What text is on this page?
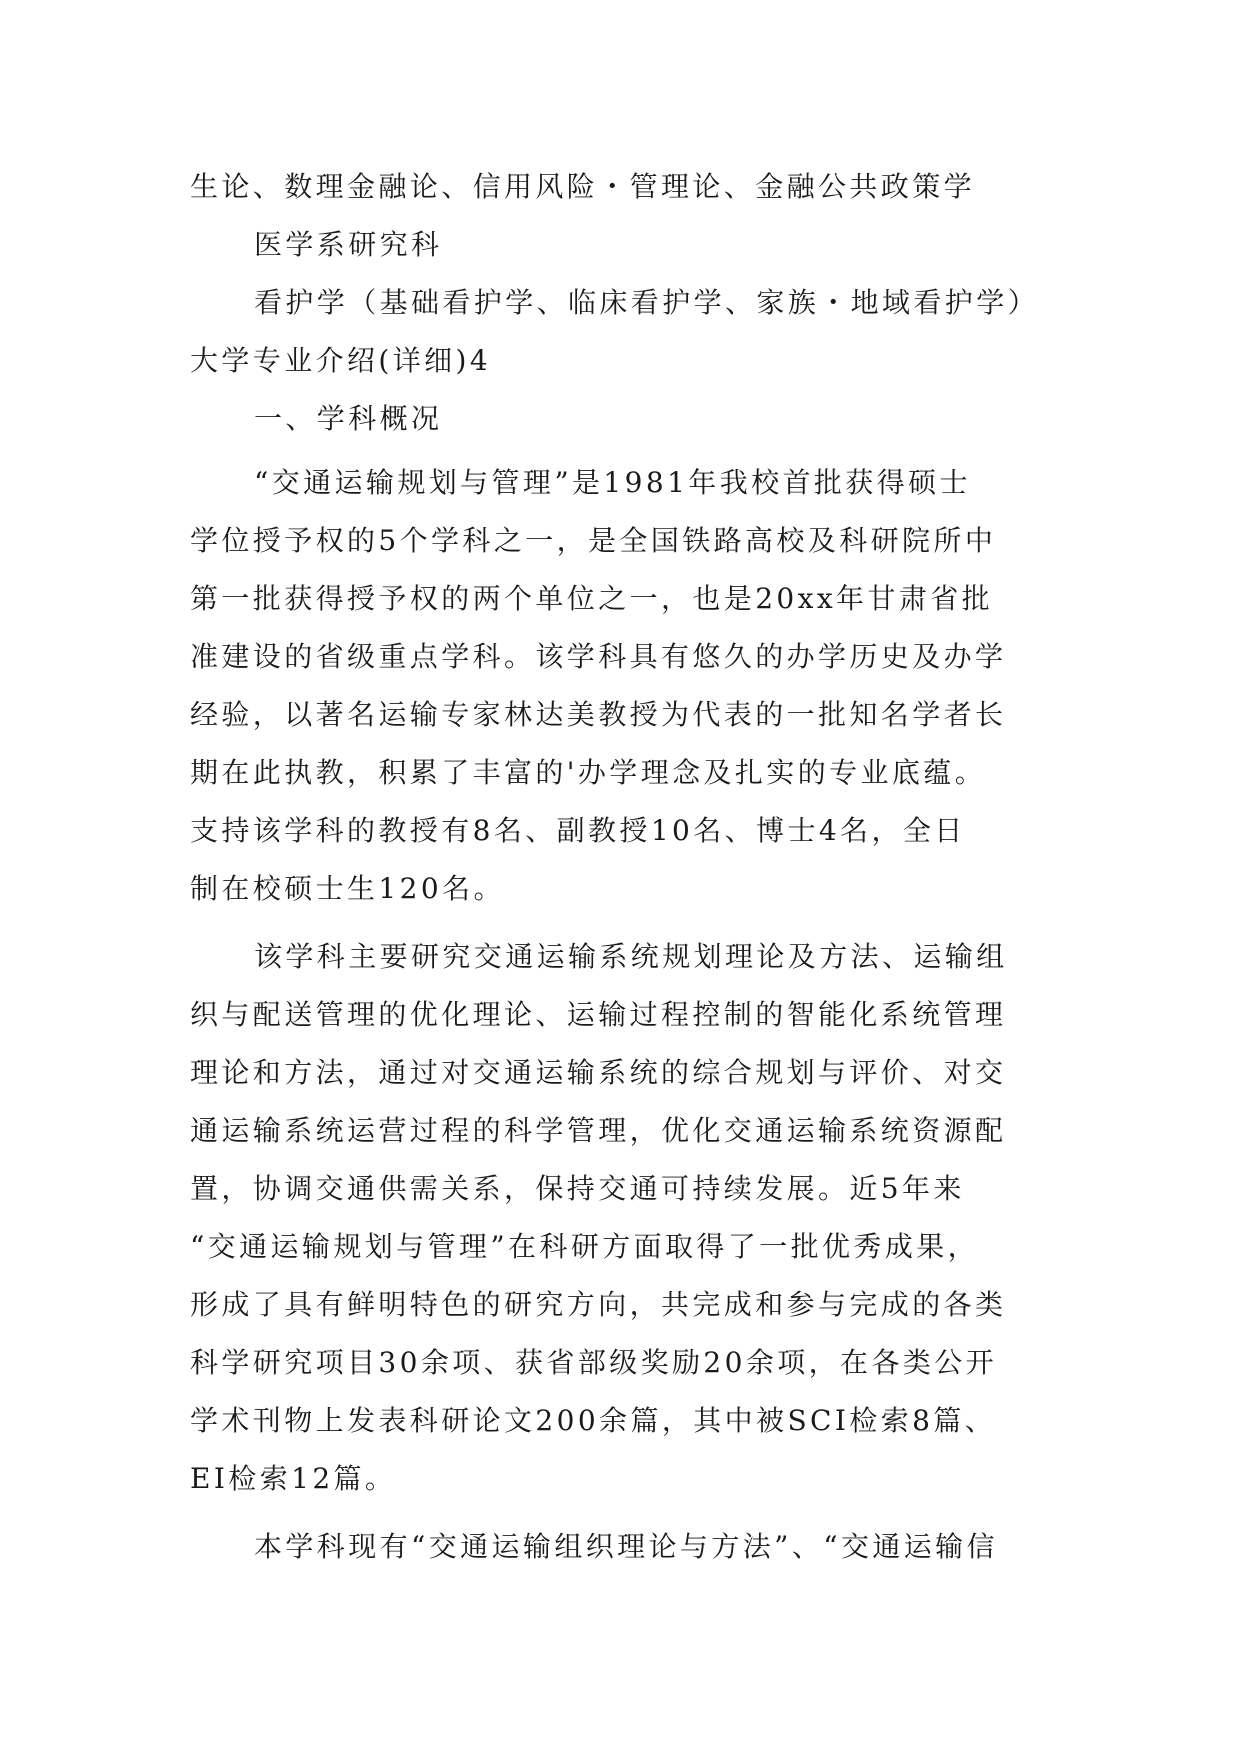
生论、数理金融论、信用风险・管理论、金融公共政策学
医学系研究科
看护学（基础看护学、临床看护学、家族・地域看护学）
大学专业介绍(详细)4
一、学科概况
“交通运输规划与管理”是1981年我校首批获得硕士
学位授予权的5个学科之一，是全国铁路高校及科研院所中
第一批获得授予权的两个单位之一，也是20xx年甘肃省批
准建设的省级重点学科。该学科具有悠久的办学历史及办学
经验，以著名运输专家林达美教授为代表的一批知名学者长
期在此执教，积累了丰富的'办学理念及扎实的专业底蕴。
支持该学科的教授有8名、副教授10名、博士4名，全日
制在校硕士生120名。
该学科主要研究交通运输系统规划理论及方法、运输组
织与配送管理的优化理论、运输过程控制的智能化系统管理
理论和方法，通过对交通运输系统的综合规划与评价、对交
通运输系统运营过程的科学管理，优化交通运输系统资源配
置，协调交通供需关系，保持交通可持续发展。近5年来
“交通运输规划与管理”在科研方面取得了一批优秀成果，
形成了具有鲜明特色的研究方向，共完成和参与完成的各类
科学研究项目30余项、获省部级奖励20余项，在各类公开
学术刊物上发表科研论文200余篇，其中被SCI检索8篇、
EI检索12篇。
本学科现有“交通运输组织理论与方法”、“交通运输信
